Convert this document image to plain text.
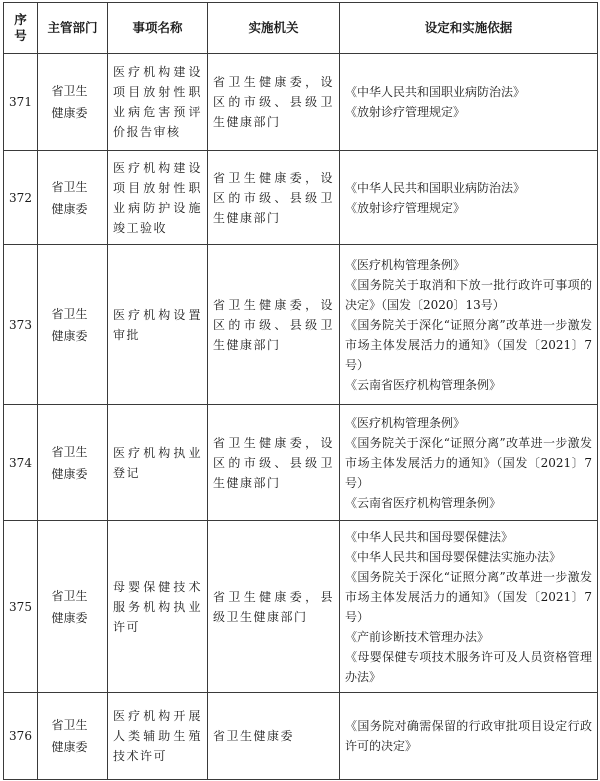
序号	主管部门	事项名称	实施机关	设定和实施依据
371	省卫生健康委	医疗机构建设项目放射性职业病危害预评价报告审核	省卫生健康委，设区的市级、县级卫生健康部门	《中华人民共和国职业病防治法》
《放射诊疗管理规定》

372	省卫生健康委	医疗机构建设项目放射性职业病防护设施竣工验收	省卫生健康委，设区的市级、县级卫生健康部门	《中华人民共和国职业病防治法》
《放射诊疗管理规定》

373	省卫生健康委	医疗机构设置审批	省卫生健康委，设区的市级、县级卫生健康部门	《医疗机构管理条例》
《国务院关于取消和下放一批行政许可事项的决定》（国发〔2020〕13号）
《国务院关于深化“证照分离”改革进一步激发市场主体发展活力的通知》（国发〔2021〕7号）
《云南省医疗机构管理条例》

374	省卫生健康委	医疗机构执业登记	省卫生健康委，设区的市级、县级卫生健康部门	《医疗机构管理条例》
《国务院关于深化“证照分离”改革进一步激发市场主体发展活力的通知》（国发〔2021〕7号）
《云南省医疗机构管理条例》

375	省卫生健康委	母婴保健技术服务机构执业许可	省卫生健康委，县级卫生健康部门	《中华人民共和国母婴保健法》
《中华人民共和国母婴保健法实施办法》
《国务院关于深化“证照分离”改革进一步激发市场主体发展活力的通知》（国发〔2021〕7号）
《产前诊断技术管理办法》
《母婴保健专项技术服务许可及人员资格管理办法》

376	省卫生健康委	医疗机构开展人类辅助生殖技术许可	省卫生健康委	《国务院对确需保留的行政审批项目设定行政许可的决定》
